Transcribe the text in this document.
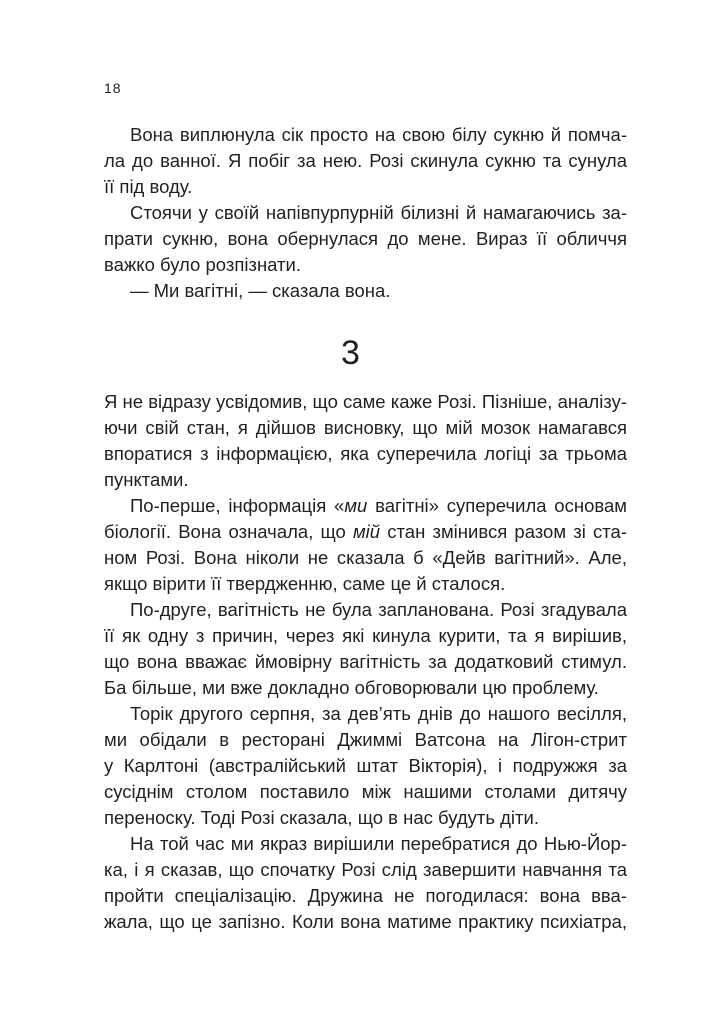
18
Вона виплюнула сік просто на свою білу сукню й помча-
ла до ванної. Я побіг за нею. Розі скинула сукню та сунула
її під воду.
Стоячи у своїй напівпурпурній білизні й намагаючись за-
прати сукню, вона обернулася до мене. Вираз її обличчя
важко було розпізнати.
— Ми вагітні, — сказала вона.
3
Я не відразу усвідомив, що саме каже Розі. Пізніше, аналізу-
ючи свій стан, я дійшов висновку, що мій мозок намагався
впоратися з інформацією, яка суперечила логіці за трьома
пунктами.
По-перше, інформація «ми вагітні» суперечила основам
біології. Вона означала, що мій стан змінився разом зі ста-
ном Розі. Вона ніколи не сказала б «Дейв вагітний». Але,
якщо вірити її твердженню, саме це й сталося.
По-друге, вагітність не була запланована. Розі згадувала
її як одну з причин, через які кинула курити, та я вирішив,
що вона вважає ймовірну вагітність за додатковий стимул.
Ба більше, ми вже докладно обговорювали цю проблему.
Торік другого серпня, за дев’ять днів до нашого весілля,
ми обідали в ресторані Джиммі Ватсона на Лігон-стрит
у Карлтоні (австралійський штат Вікторія), і подружжя за
сусіднім столом поставило між нашими столами дитячу
переноску. Тоді Розі сказала, що в нас будуть діти.
На той час ми якраз вирішили перебратися до Нью-Йор-
ка, і я сказав, що спочатку Розі слід завершити навчання та
пройти спеціалізацію. Дружина не погодилася: вона вва-
жала, що це запізно. Коли вона матиме практику психіатра,
